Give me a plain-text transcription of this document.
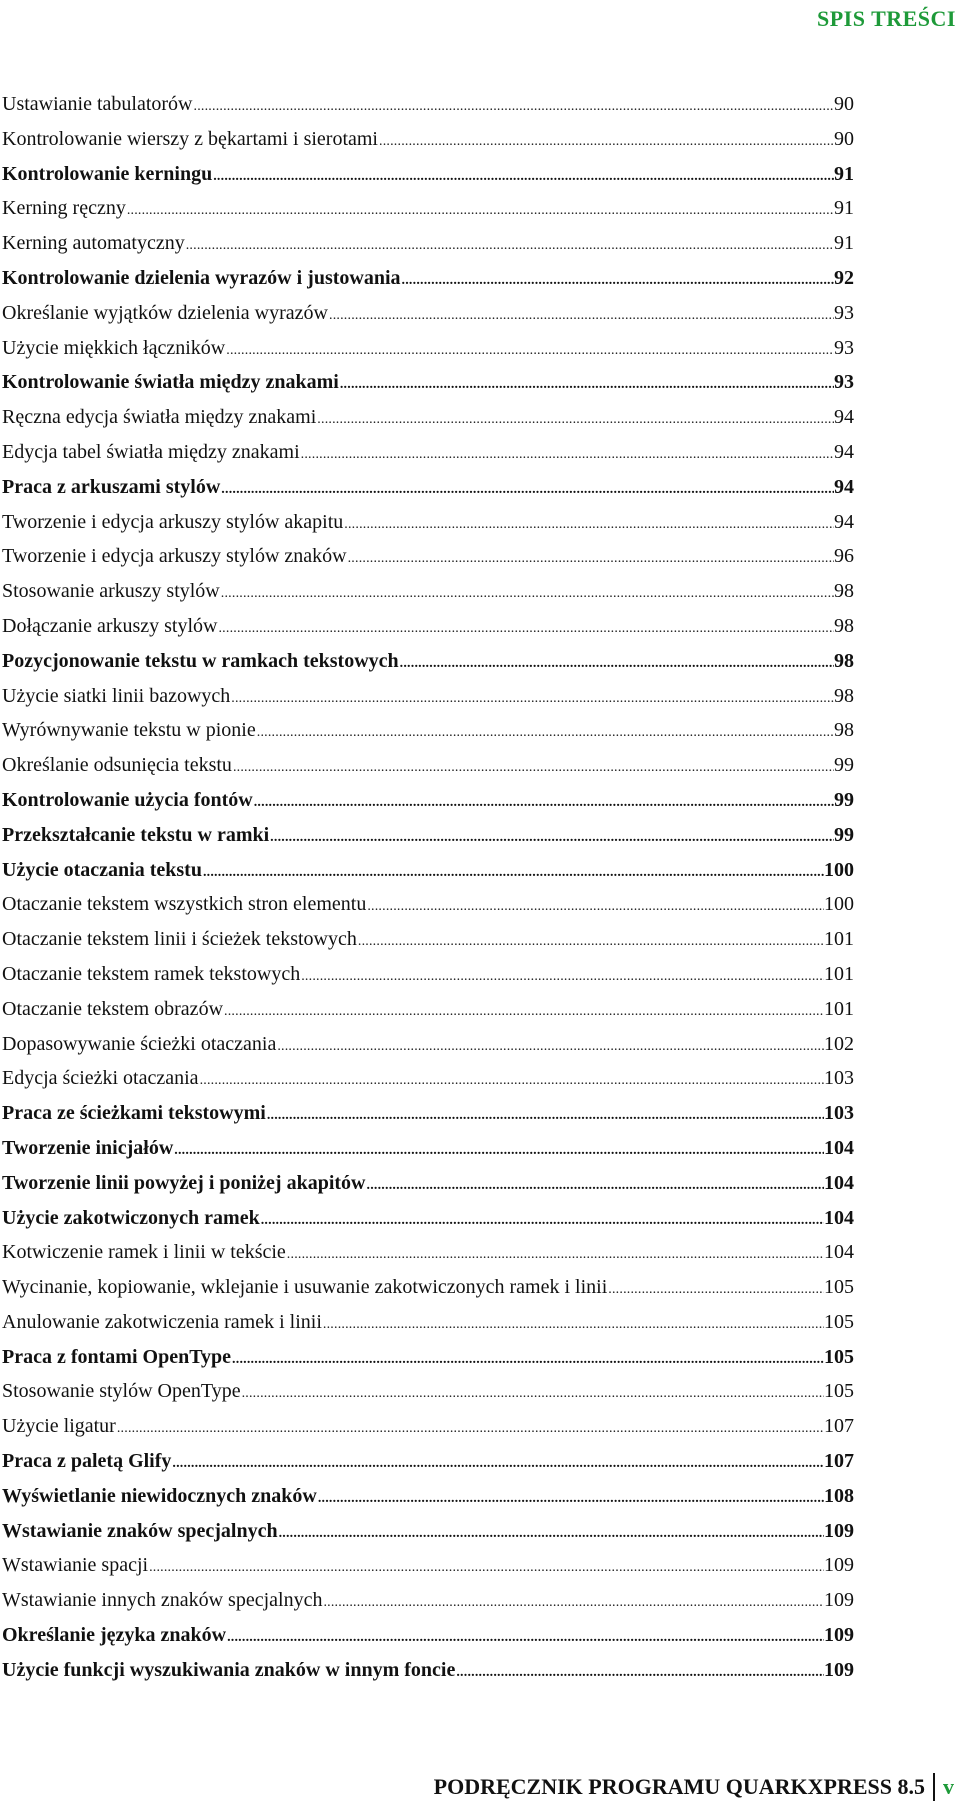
SPIS TREŚCI
Ustawianie tabulatorów .....	90
Kontrolowanie wierszy z bękartami i sierotami .....	90
Kontrolowanie kerningu .....	91
Kerning ręczny .....	91
Kerning automatyczny .....	91
Kontrolowanie dzielenia wyrazów i justowania .....	92
Określanie wyjątków dzielenia wyrazów .....	93
Użycie miękkich łączników .....	93
Kontrolowanie światła między znakami .....	93
Ręczna edycja światła między znakami .....	94
Edycja tabel światła między znakami .....	94
Praca z arkuszami stylów .....	94
Tworzenie i edycja arkuszy stylów akapitu .....	94
Tworzenie i edycja arkuszy stylów znaków .....	96
Stosowanie arkuszy stylów .....	98
Dołączanie arkuszy stylów .....	98
Pozycjonowanie tekstu w ramkach tekstowych .....	98
Użycie siatki linii bazowych .....	98
Wyrównywanie tekstu w pionie .....	98
Określanie odsunięcia tekstu .....	99
Kontrolowanie użycia fontów .....	99
Przekształcanie tekstu w ramki .....	99
Użycie otaczania tekstu .....	100
Otaczanie tekstem wszystkich stron elementu .....	100
Otaczanie tekstem linii i ścieżek tekstowych .....	101
Otaczanie tekstem ramek tekstowych .....	101
Otaczanie tekstem obrazów .....	101
Dopasowywanie ścieżki otaczania .....	102
Edycja ścieżki otaczania .....	103
Praca ze ścieżkami tekstowymi .....	103
Tworzenie inicjałów .....	104
Tworzenie linii powyżej i poniżej akapitów .....	104
Użycie zakotwiczonych ramek .....	104
Kotwiczenie ramek i linii w tekście .....	104
Wycinanie, kopiowanie, wklejanie i usuwanie zakotwiczonych ramek i linii .....	105
Anulowanie zakotwiczenia ramek i linii .....	105
Praca z fontami OpenType .....	105
Stosowanie stylów OpenType .....	105
Użycie ligatur .....	107
Praca z paletą Glify .....	107
Wyświetlanie niewidocznych znaków .....	108
Wstawianie znaków specjalnych .....	109
Wstawianie spacji .....	109
Wstawianie innych znaków specjalnych .....	109
Określanie języka znaków .....	109
Użycie funkcji wyszukiwania znaków w innym foncie .....	109
PODRĘCZNIK PROGRAMU QUARKXPRESS 8.5 v
